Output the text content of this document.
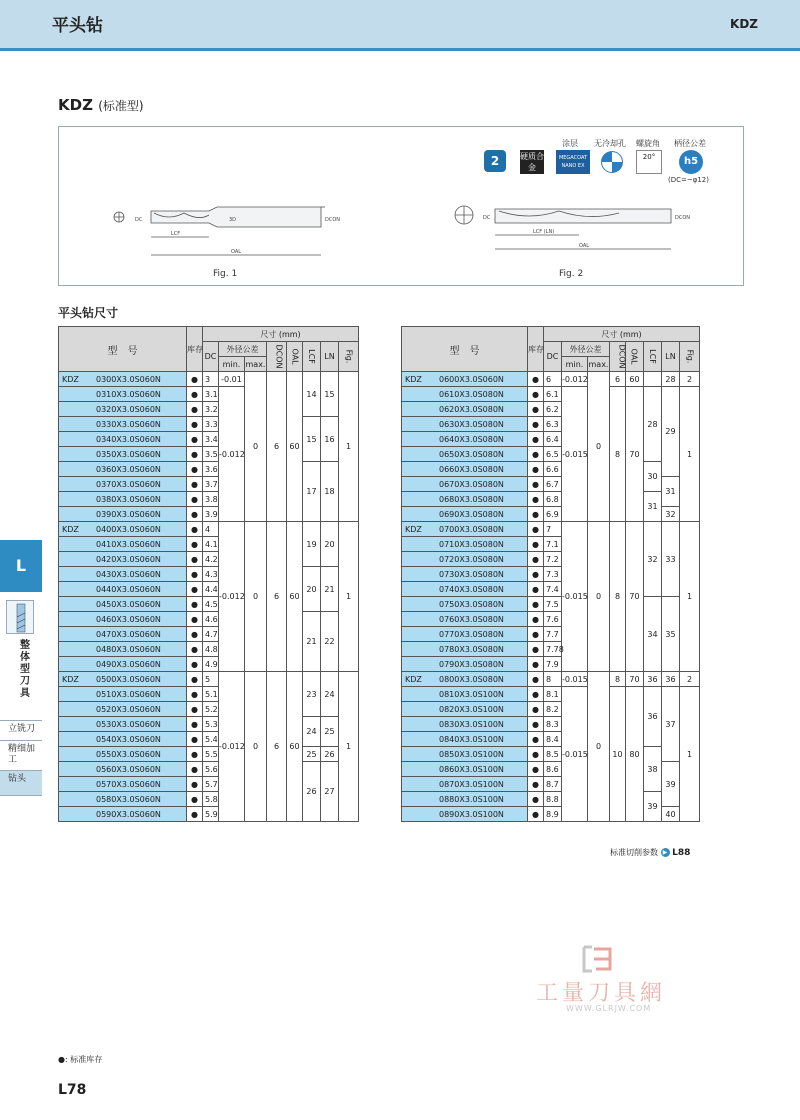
平头钻	KDZ
KDZ (标准型)
DC
LCF
OAL
DCON
3D	DC
LCF (LN)
OAL
DCON
Fig. 1	Fig. 2
2	硬质合金
涂层
MEGACOAT NANO EX
无冷却孔 螺旋角
20°
柄径公差
h5
(DC=~φ12)
平头钻尺寸
型　号	库存	尺寸 (mm)							
		DC	外径公差		DCON	OAL	LCF	LN	Fig.
			min.	max.					
KDZ 0300X3.0S060N	●	3	-0.01	0	6	60	14	15	1
0310X3.0S060N	●	3.1	-0.012						
0320X3.0S060N	●	3.2							
0330X3.0S060N	●	3.3					15	16	
0340X3.0S060N	●	3.4							
0350X3.0S060N	●	3.5							
0360X3.0S060N	●	3.6					17	18	
0370X3.0S060N	●	3.7							
0380X3.0S060N	●	3.8							
0390X3.0S060N	●	3.9							
KDZ 0400X3.0S060N	●	4	-0.012	0	6	60	19	20	1
0410X3.0S060N	●	4.1							
0420X3.0S060N	●	4.2							
0430X3.0S060N	●	4.3					20	21	
0440X3.0S060N	●	4.4							
0450X3.0S060N	●	4.5							
0460X3.0S060N	●	4.6					21	22	
0470X3.0S060N	●	4.7							
0480X3.0S060N	●	4.8							
0490X3.0S060N	●	4.9							
KDZ 0500X3.0S060N	●	5	-0.012	0	6	60	23	24	1
0510X3.0S060N	●	5.1							
0520X3.0S060N	●	5.2							
0530X3.0S060N	●	5.3					24	25	
0540X3.0S060N	●	5.4							
0550X3.0S060N	●	5.5					25	26	
0560X3.0S060N	●	5.6					26	27	
0570X3.0S060N	●	5.7							
0580X3.0S060N	●	5.8							
0590X3.0S060N	●	5.9							
型　号	库存	尺寸 (mm)							
		DC	外径公差		DCON	OAL	LCF	LN	Fig.
			min.	max.					
KDZ 0600X3.0S060N	●	6	-0.012	0	6	60		28	2
0610X3.0S080N	●	6.1	-0.015		8	70	28	29	1
0620X3.0S080N	●	6.2							
0630X3.0S080N	●	6.3							
0640X3.0S080N	●	6.4							
0650X3.0S080N	●	6.5							
0660X3.0S080N	●	6.6					30		
0670X3.0S080N	●	6.7						31	
0680X3.0S080N	●	6.8					31		
0690X3.0S080N	●	6.9						32	
KDZ 0700X3.0S080N	●	7	-0.015	0	8	70	32	33	1
0710X3.0S080N	●	7.1							
0720X3.0S080N	●	7.2							
0730X3.0S080N	●	7.3							
0740X3.0S080N	●	7.4							
0750X3.0S080N	●	7.5					34	35	
0760X3.0S080N	●	7.6							
0770X3.0S080N	●	7.7							
0780X3.0S080N	●	7.78							
0790X3.0S080N	●	7.9							
KDZ 0800X3.0S080N	●	8	-0.015	0	8	70	36	36	2
0810X3.0S100N	●	8.1	-0.015		10	80	36	37	1
0820X3.0S100N	●	8.2							
0830X3.0S100N	●	8.3							
0840X3.0S100N	●	8.4							
0850X3.0S100N	●	8.5					38		
0860X3.0S100N	●	8.6						39	
0870X3.0S100N	●	8.7							
0880X3.0S100N	●	8.8					39		
0890X3.0S100N	●	8.9						40	
标准切削参数 ▶ L88
L
整体型刀具
立铣刀
精细加工
钻头
工量刀具網
WWW.GLRJW.COM
●: 标准库存
L78
